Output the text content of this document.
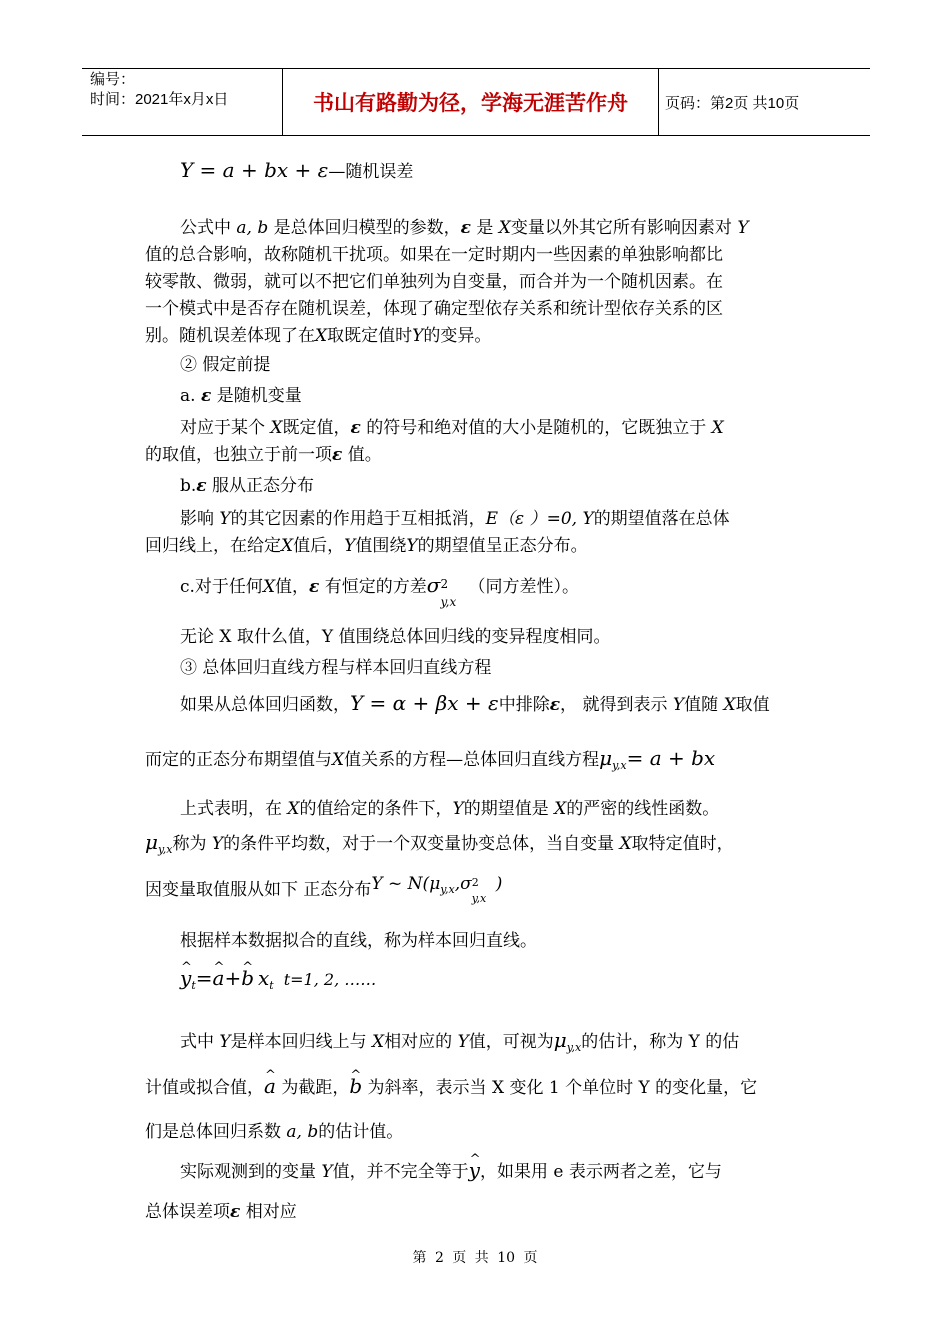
编号：
时间：2021年x月x日	书山有路勤为径，学海无涯苦作舟	页码：第2页 共10页
Y = a + bx + ε—随机误差
公式中 a, b 是总体回归模型的参数，ε 是 X变量以外其它所有影响因素对 Y
值的总合影响，故称随机干扰项。如果在一定时期内一些因素的单独影响都比
较零散、微弱，就可以不把它们单独列为自变量，而合并为一个随机因素。在
一个模式中是否存在随机误差，体现了确定型依存关系和统计型依存关系的区
别。随机误差体现了在X取既定值时Y的变异。
② 假定前提
a. ε 是随机变量
对应于某个 X既定值，ε 的符号和绝对值的大小是随机的，它既独立于 X
的取值，也独立于前一项ε 值。
b.ε 服从正态分布
影响 Y的其它因素的作用趋于互相抵消，E（ε ）=0, Y的期望值落在总体
回归线上，在给定X值后，Y值围绕Y的期望值呈正态分布。
c.对于任何X值，ε 有恒定的方差σ 2
y,x
（同方差性）。
无论 X 取什么值，Y 值围绕总体回归线的变异程度相同。
③ 总体回归直线方程与样本回归直线方程
如果从总体回归函数，Y = α + βx + ε中排除ε， 就得到表示 Y值随 X取值
而定的正态分布期望值与X值关系的方程—总体回归直线方程$\mu_{y,x}= a$ + bx
上式表明，在 X的值给定的条件下，Y的期望值是 X的严密的线性函数。
$\mu_{y,x}$称为 Y的条件平均数，对于一个双变量协变总体，当自变量 X取特定值时，
因变量取值服从如下 正态分布Y ~ $N(\mu_{y,x},\sigma$ 2
y,x
)
根据样本数据拟合的直线，称为样本回归直线。
^ $y_t=\^{}$ a+^ b $x_t$ t=1, 2, ……
式中 Y是样本回归线上与 X相对应的 Y值，可视为$\mu_{y,x}$的估计，称为 Y 的估
计值或拟合值，^ a 为截距，^ b 为斜率，表示当 X 变化 1 个单位时 Y 的变化量，它
们是总体回归系数 a, b的估计值。
实际观测到的变量 Y值，并不完全等于^ y，如果用 e 表示两者之差，它与
总体误差项ε 相对应
第 2 页 共 10 页
